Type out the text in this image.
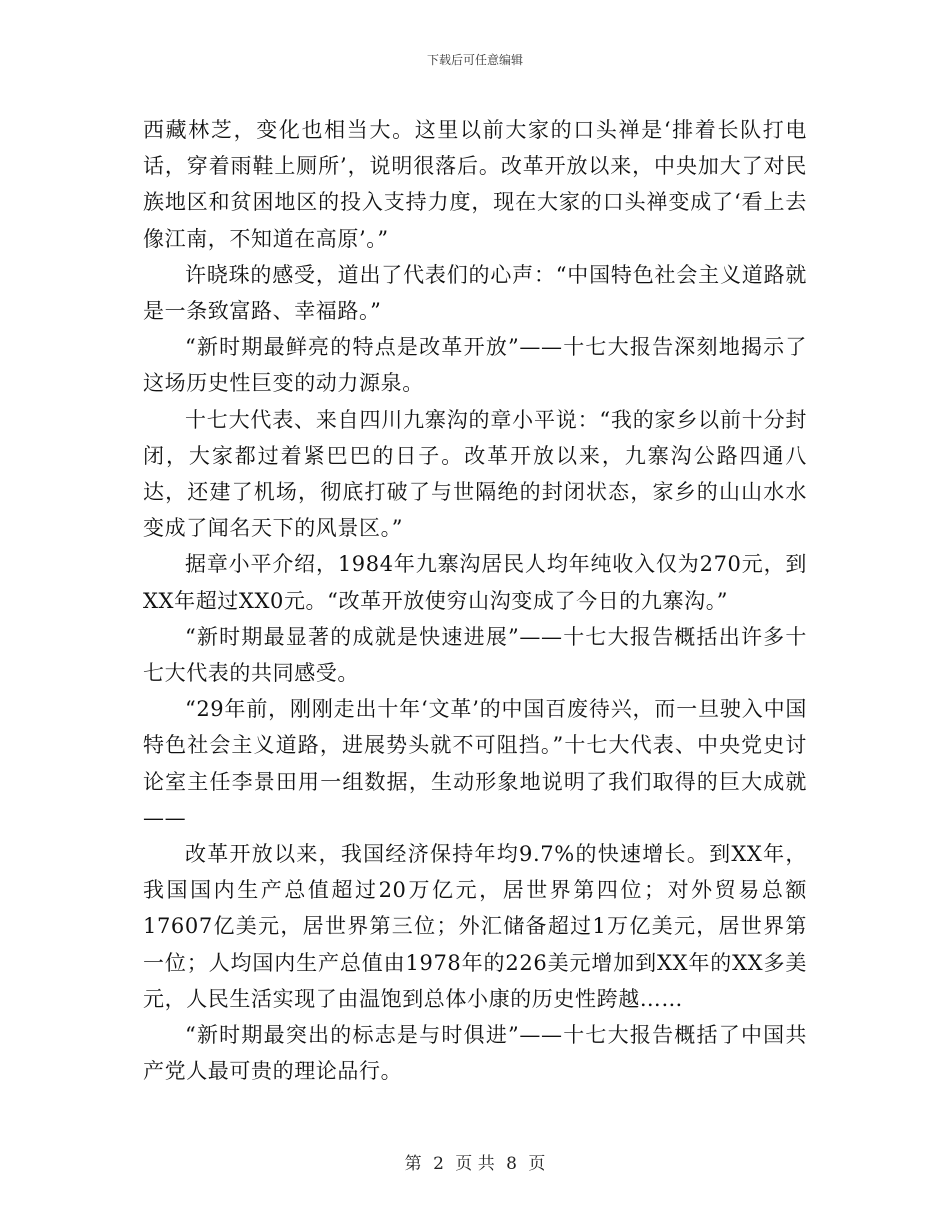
下载后可任意编辑

西藏林芝，变化也相当大。这里以前大家的口头禅是‘排着长队打电话，穿着雨鞋上厕所’，说明很落后。改革开放以来，中央加大了对民族地区和贫困地区的投入支持力度，现在大家的口头禅变成了‘看上去像江南，不知道在高原’。”

许晓珠的感受，道出了代表们的心声：“中国特色社会主义道路就是一条致富路、幸福路。”

“新时期最鲜亮的特点是改革开放”——十七大报告深刻地揭示了这场历史性巨变的动力源泉。

十七大代表、来自四川九寨沟的章小平说：“我的家乡以前十分封闭，大家都过着紧巴巴的日子。改革开放以来，九寨沟公路四通八达，还建了机场，彻底打破了与世隔绝的封闭状态，家乡的山山水水变成了闻名天下的风景区。”

据章小平介绍，1984年九寨沟居民人均年纯收入仅为270元，到XX年超过XX0元。“改革开放使穷山沟变成了今日的九寨沟。”

“新时期最显著的成就是快速进展”——十七大报告概括出许多十七大代表的共同感受。

“29年前，刚刚走出十年‘文革’的中国百废待兴，而一旦驶入中国特色社会主义道路，进展势头就不可阻挡。”十七大代表、中央党史讨论室主任李景田用一组数据，生动形象地说明了我们取得的巨大成就——

改革开放以来，我国经济保持年均9.7%的快速增长。到XX年，我国国内生产总值超过20万亿元，居世界第四位；对外贸易总额17607亿美元，居世界第三位；外汇储备超过1万亿美元，居世界第一位；人均国内生产总值由1978年的226美元增加到XX年的XX多美元，人民生活实现了由温饱到总体小康的历史性跨越……

“新时期最突出的标志是与时俱进”——十七大报告概括了中国共产党人最可贵的理论品行。

第 2 页 共 8 页
